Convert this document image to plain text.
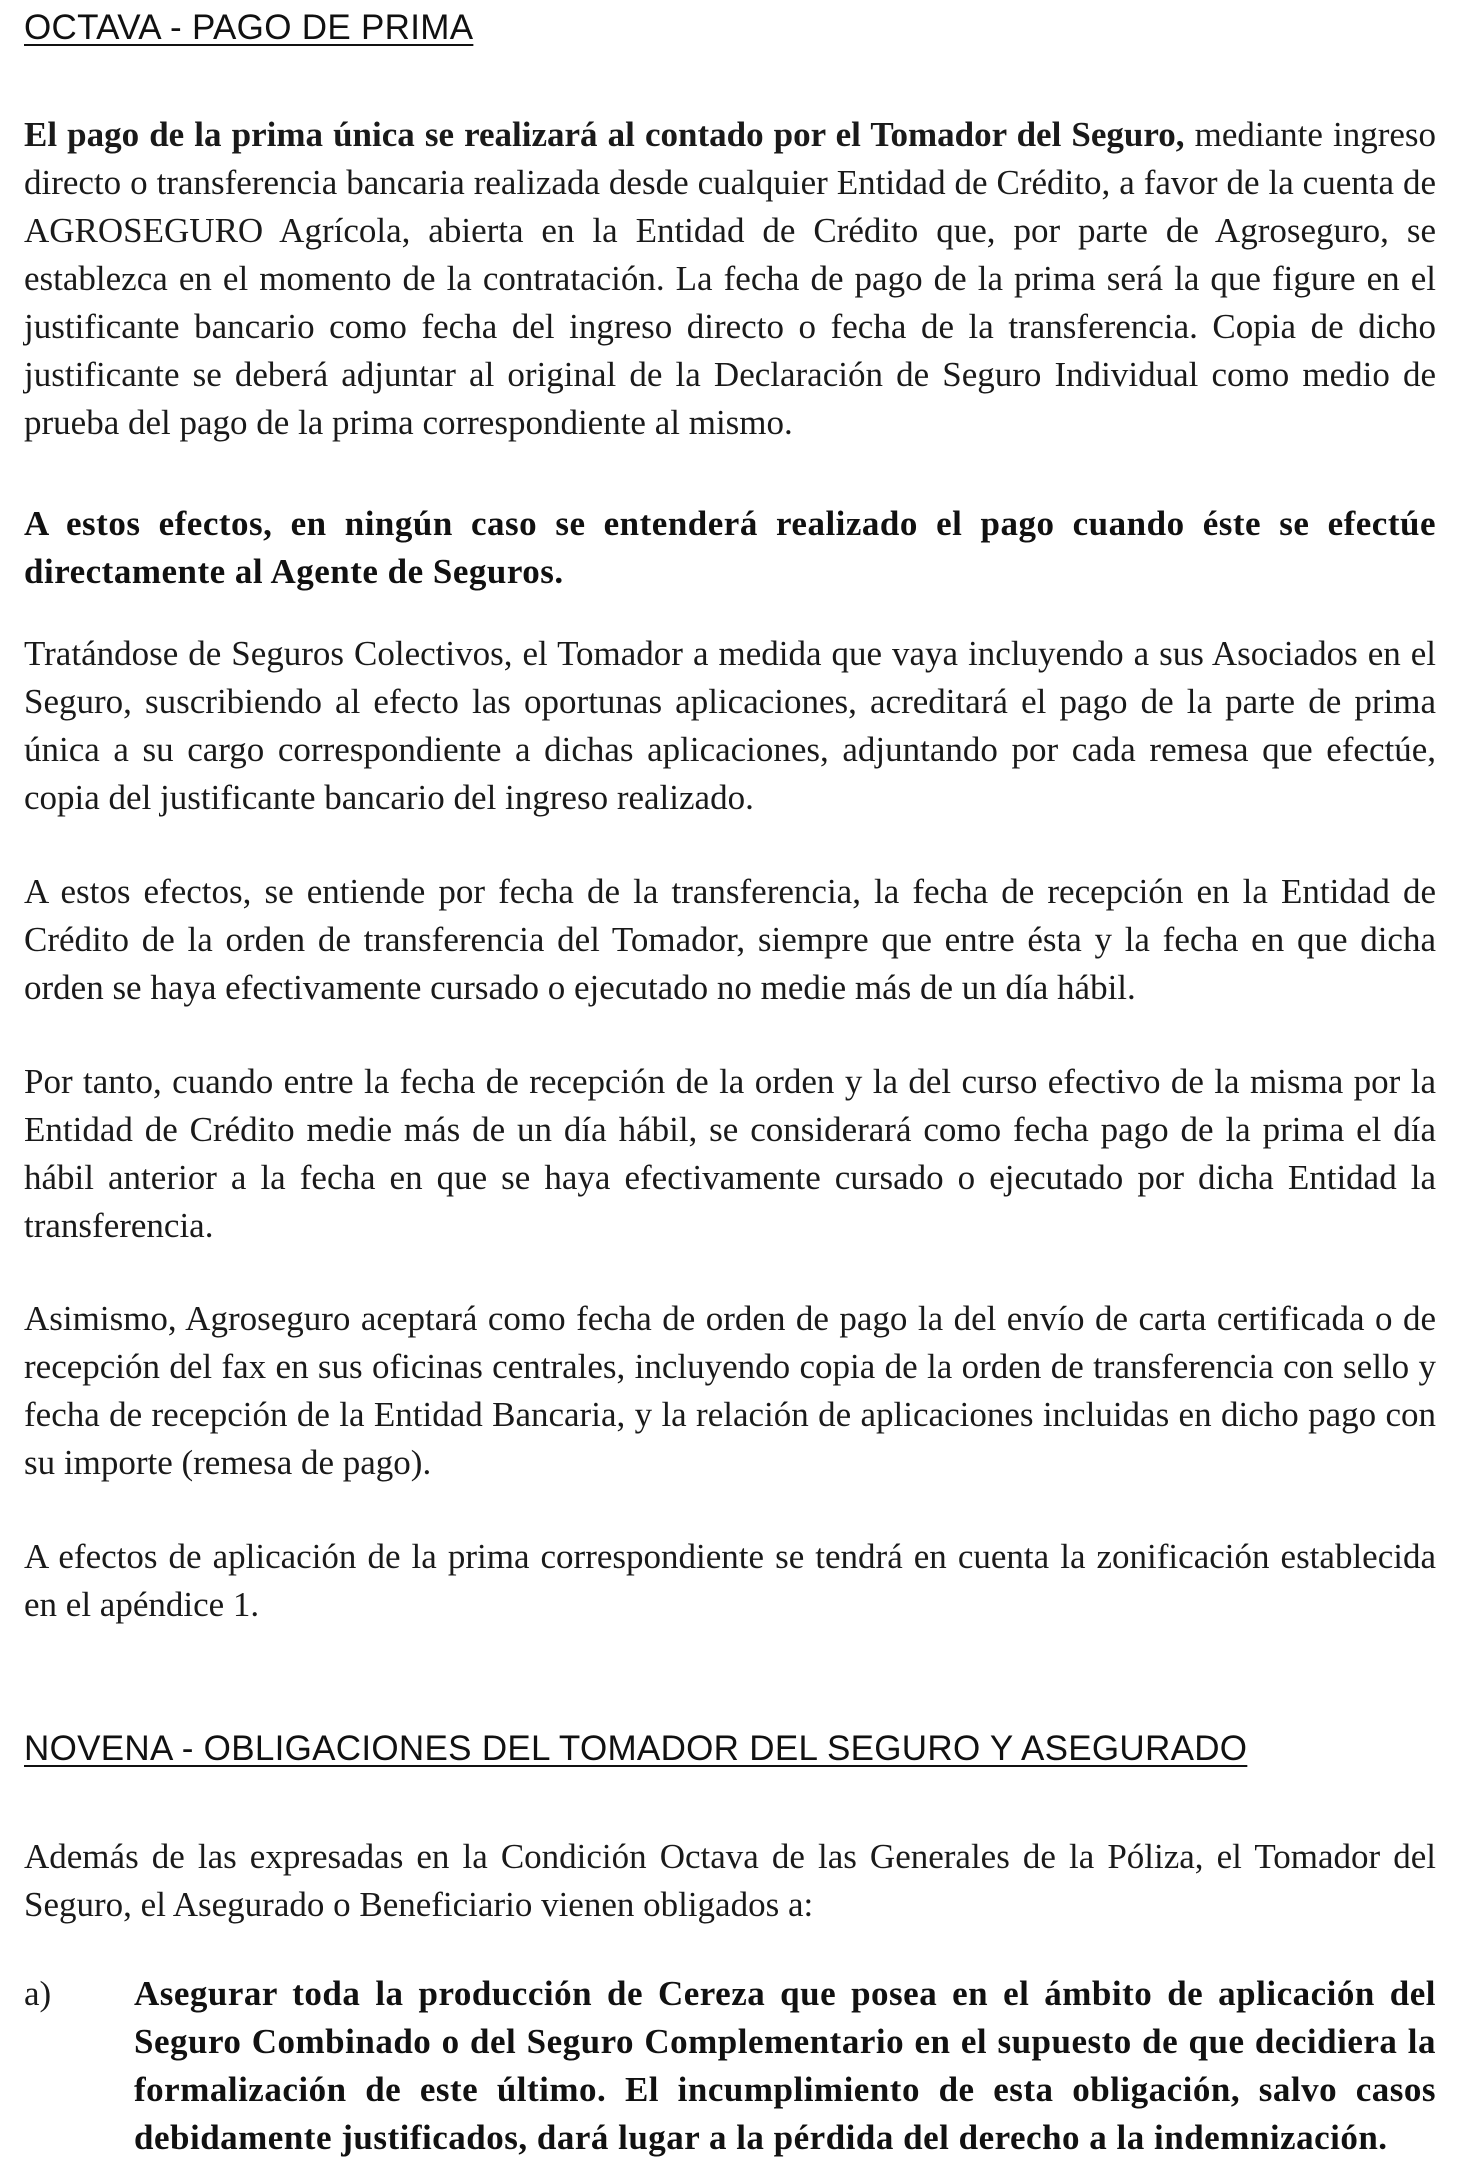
OCTAVA - PAGO DE PRIMA

El pago de la prima única se realizará al contado por el Tomador del Seguro, mediante ingreso directo o transferencia bancaria realizada desde cualquier Entidad de Crédito, a favor de la cuenta de AGROSEGURO Agrícola, abierta en la Entidad de Crédito que, por parte de Agroseguro, se establezca en el momento de la contratación. La fecha de pago de la prima será la que figure en el justificante bancario como fecha del ingreso directo o fecha de la transferencia. Copia de dicho justificante se deberá adjuntar al original de la Declaración de Seguro Individual como medio de prueba del pago de la prima correspondiente al mismo.

A estos efectos, en ningún caso se entenderá realizado el pago cuando éste se efectúe directamente al Agente de Seguros.

Tratándose de Seguros Colectivos, el Tomador a medida que vaya incluyendo a sus Asociados en el Seguro, suscribiendo al efecto las oportunas aplicaciones, acreditará el pago de la parte de prima única a su cargo correspondiente a dichas aplicaciones, adjuntando por cada remesa que efectúe, copia del justificante bancario del ingreso realizado.

A estos efectos, se entiende por fecha de la transferencia, la fecha de recepción en la Entidad de Crédito de la orden de transferencia del Tomador, siempre que entre ésta y la fecha en que dicha orden se haya efectivamente cursado o ejecutado no medie más de un día hábil.

Por tanto, cuando entre la fecha de recepción de la orden y la del curso efectivo de la misma por la Entidad de Crédito medie más de un día hábil, se considerará como fecha pago de la prima el día hábil anterior a la fecha en que se haya efectivamente cursado o ejecutado por dicha Entidad la transferencia.

Asimismo, Agroseguro aceptará como fecha de orden de pago la del envío de carta certificada o de recepción del fax en sus oficinas centrales, incluyendo copia de la orden de transferencia con sello y fecha de recepción de la Entidad Bancaria, y la relación de aplicaciones incluidas en dicho pago con su importe (remesa de pago).

A efectos de aplicación de la prima correspondiente se tendrá en cuenta la zonificación establecida en el apéndice 1.

NOVENA - OBLIGACIONES DEL TOMADOR DEL SEGURO Y ASEGURADO

Además de las expresadas en la Condición Octava de las Generales de la Póliza, el Tomador del Seguro, el Asegurado o Beneficiario vienen obligados a:

a) Asegurar toda la producción de Cereza que posea en el ámbito de aplicación del Seguro Combinado o del Seguro Complementario en el supuesto de que decidiera la formalización de este último. El incumplimiento de esta obligación, salvo casos debidamente justificados, dará lugar a la pérdida del derecho a la indemnización.
